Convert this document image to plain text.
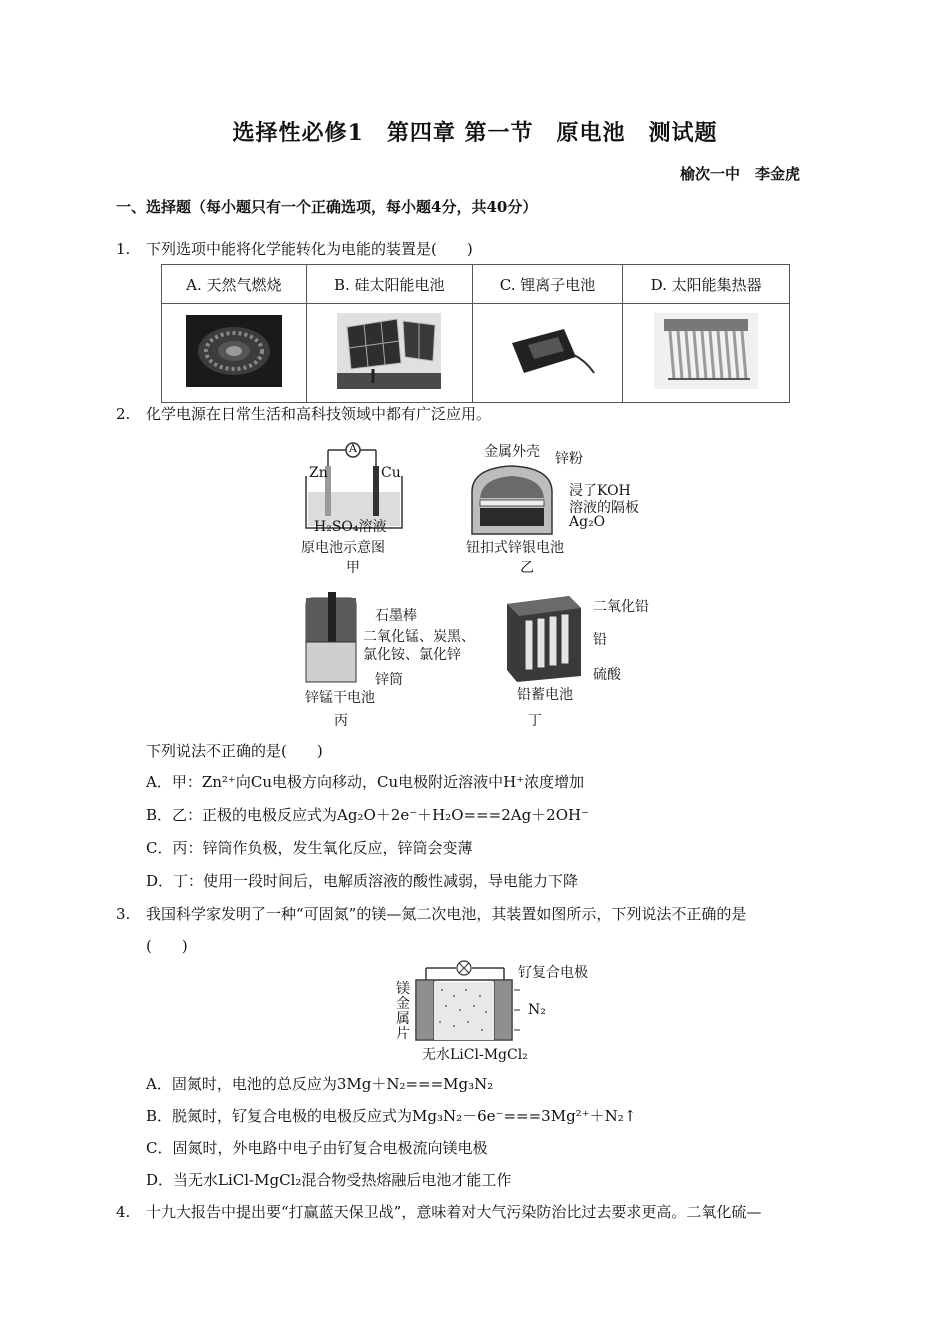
选择性必修1　第四章 第一节　原电池　测试题
榆次一中　李金虎
一、选择题（每小题只有一个正确选项，每小题4分，共40分）
1. 下列选项中能将化学能转化为电能的装置是(　　)
A. 天然气燃烧	B. 硅太阳能电池	C. 锂离子电池	D. 太阳能集热器

2. 化学电源在日常生活和高科技领域中都有广泛应用。
A
Zn	Cu
H₂SO₄溶液
原电池示意图
甲
金属外壳 锌粉
浸了KOH
溶液的隔板
Ag₂O
钮扣式锌银电池
乙
石墨棒
二氧化锰、炭黑、
氯化铵、氯化锌
锌筒
锌锰干电池
丙
二氧化铅
铅
硫酸
铅蓄电池
丁
下列说法不正确的是(　　)
A．甲：Zn²⁺向Cu电极方向移动，Cu电极附近溶液中H⁺浓度增加
B．乙：正极的电极反应式为Ag₂O＋2e⁻＋H₂O===2Ag＋2OH⁻
C．丙：锌筒作负极，发生氧化反应，锌筒会变薄
D．丁：使用一段时间后，电解质溶液的酸性减弱，导电能力下降
3. 我国科学家发明了一种“可固氮”的镁—氮二次电池，其装置如图所示，下列说法不正确的是
(　　)
钌复合电极
N₂
镁金属片
无水LiCl-MgCl₂
A．固氮时，电池的总反应为3Mg＋N₂===Mg₃N₂
B．脱氮时，钌复合电极的电极反应式为Mg₃N₂－6e⁻===3Mg²⁺＋N₂↑
C．固氮时，外电路中电子由钌复合电极流向镁电极
D．当无水LiCl-MgCl₂混合物受热熔融后电池才能工作
4. 十九大报告中提出要“打赢蓝天保卫战”，意味着对大气污染防治比过去要求更高。二氧化硫—
